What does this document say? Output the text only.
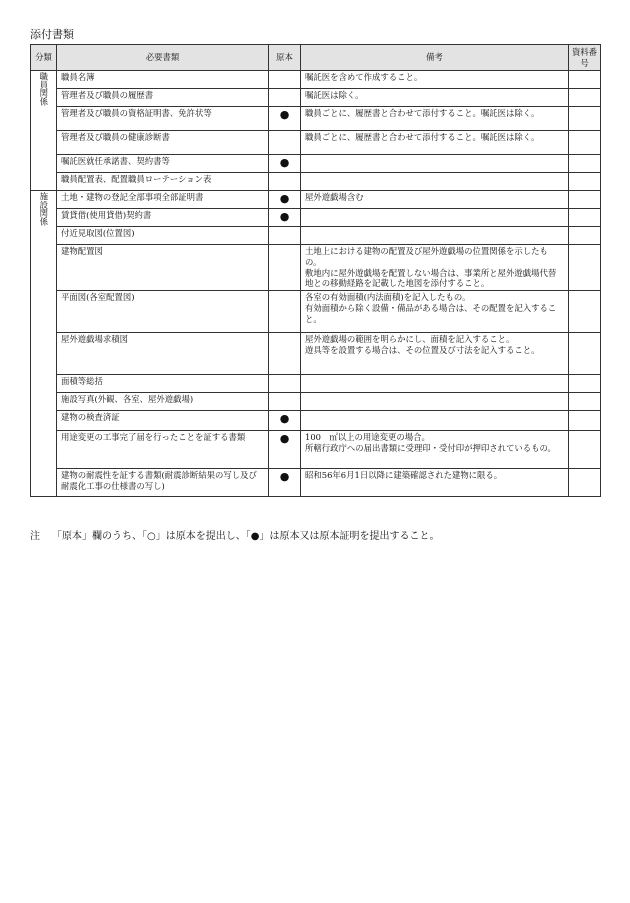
添付書類
分類	必要書類	原本	備考	資料番号
職員関係	職員名簿		嘱託医を含めて作成すること。	
	管理者及び職員の履歴書		嘱託医は除く。	
	管理者及び職員の資格証明書、免許状等	●	職員ごとに、履歴書と合わせて添付すること。嘱託医は除く。	
	管理者及び職員の健康診断書		職員ごとに、履歴書と合わせて添付すること。嘱託医は除く。	
	嘱託医就任承諾書、契約書等	●		
	職員配置表、配置職員ローテーション表			
施設関係	土地・建物の登記全部事項全部証明書	●	屋外遊戯場含む	
	賃貸借(使用貸借)契約書	●		
	付近見取図(位置図)			
	建物配置図		土地上における建物の配置及び屋外遊戯場の位置関係を示したもの。
敷地内に屋外遊戯場を配置しない場合は、事業所と屋外遊戯場代替地との移動経路を記載した地図を添付すること。	
	平面図(各室配置図)		各室の有効面積(内法面積)を記入したもの。
有効面積から除く設備・備品がある場合は、その配置を記入すること。	
	屋外遊戯場求積図		屋外遊戯場の範囲を明らかにし、面積を記入すること。
遊具等を設置する場合は、その位置及び寸法を記入すること。	
	面積等総括			
	施設写真(外観、各室、屋外遊戯場)			
	建物の検査済証	●		
	用途変更の工事完了届を行ったことを証する書類	●	100　㎡以上の用途変更の場合。
所轄行政庁への届出書類に受理印・受付印が押印されているもの。	
	建物の耐震性を証する書類(耐震診断結果の写し及び耐震化工事の仕様書の写し)	●	昭和56年6月1日以降に建築確認された建物に限る。	
注 「原本」欄のうち、「○」は原本を提出し、「●」は原本又は原本証明を提出すること。
